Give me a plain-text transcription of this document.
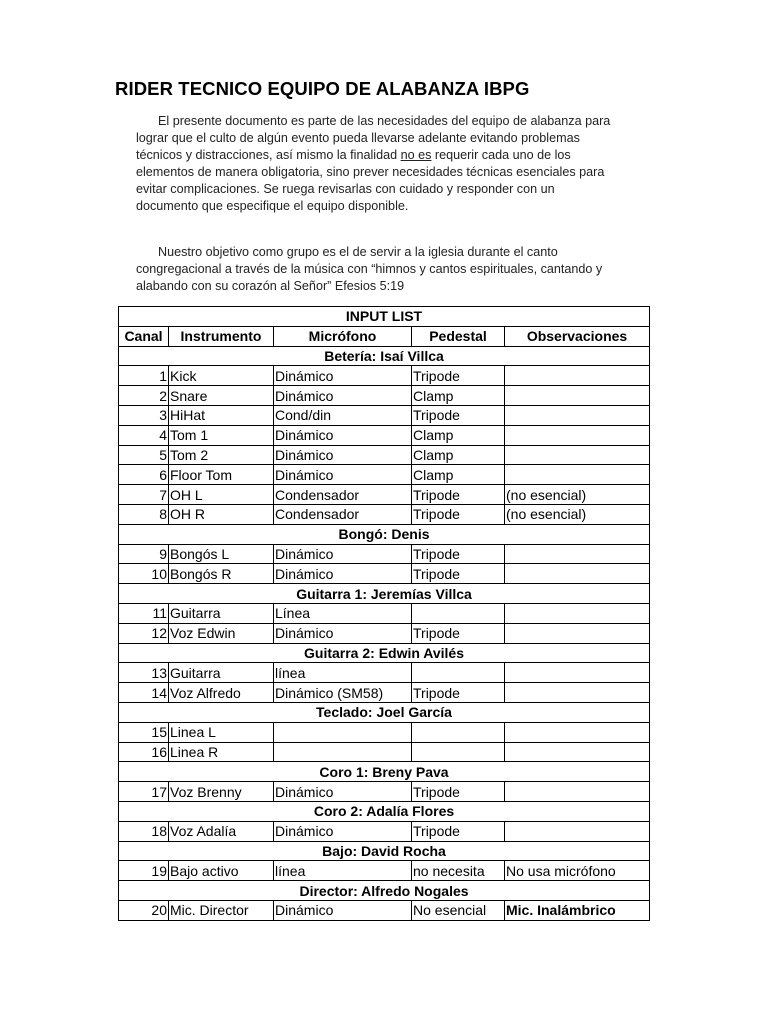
RIDER TECNICO EQUIPO DE ALABANZA IBPG

El presente documento es parte de las necesidades del equipo de alabanza para lograr que el culto de algún evento pueda llevarse adelante evitando problemas técnicos y distracciones, así mismo la finalidad no es requerir cada uno de los elementos de manera obligatoria, sino prever necesidades técnicas esenciales para evitar complicaciones. Se ruega revisarlas con cuidado y responder con un documento que especifique el equipo disponible.

Nuestro objetivo como grupo es el de servir a la iglesia durante el canto congregacional a través de la música con “himnos y cantos espirituales, cantando y alabando con su corazón al Señor” Efesios 5:19

INPUT LIST				
Canal	Instrumento	Micrófono	Pedestal	Observaciones
Betería: Isaí Villca				
1	Kick	Dinámico	Tripode	
2	Snare	Dinámico	Clamp	
3	HiHat	Cond/din	Tripode	
4	Tom 1	Dinámico	Clamp	
5	Tom 2	Dinámico	Clamp	
6	Floor Tom	Dinámico	Clamp	
7	OH L	Condensador	Tripode	(no esencial)
8	OH R	Condensador	Tripode	(no esencial)
Bongó: Denis				
9	Bongós L	Dinámico	Tripode	
10	Bongós R	Dinámico	Tripode	
Guitarra 1: Jeremías Villca				
11	Guitarra	Línea		
12	Voz Edwin	Dinámico	Tripode	
Guitarra 2: Edwin Avilés				
13	Guitarra	línea		
14	Voz Alfredo	Dinámico (SM58)	Tripode	
Teclado: Joel García				
15	Linea L			
16	Linea R			
Coro 1: Breny Pava				
17	Voz Brenny	Dinámico	Tripode	
Coro 2: Adalía Flores				
18	Voz Adalía	Dinámico	Tripode	
Bajo: David Rocha				
19	Bajo activo	línea	no necesita	No usa micrófono
Director: Alfredo Nogales				
20	Mic. Director	Dinámico	No esencial	Mic. Inalámbrico
